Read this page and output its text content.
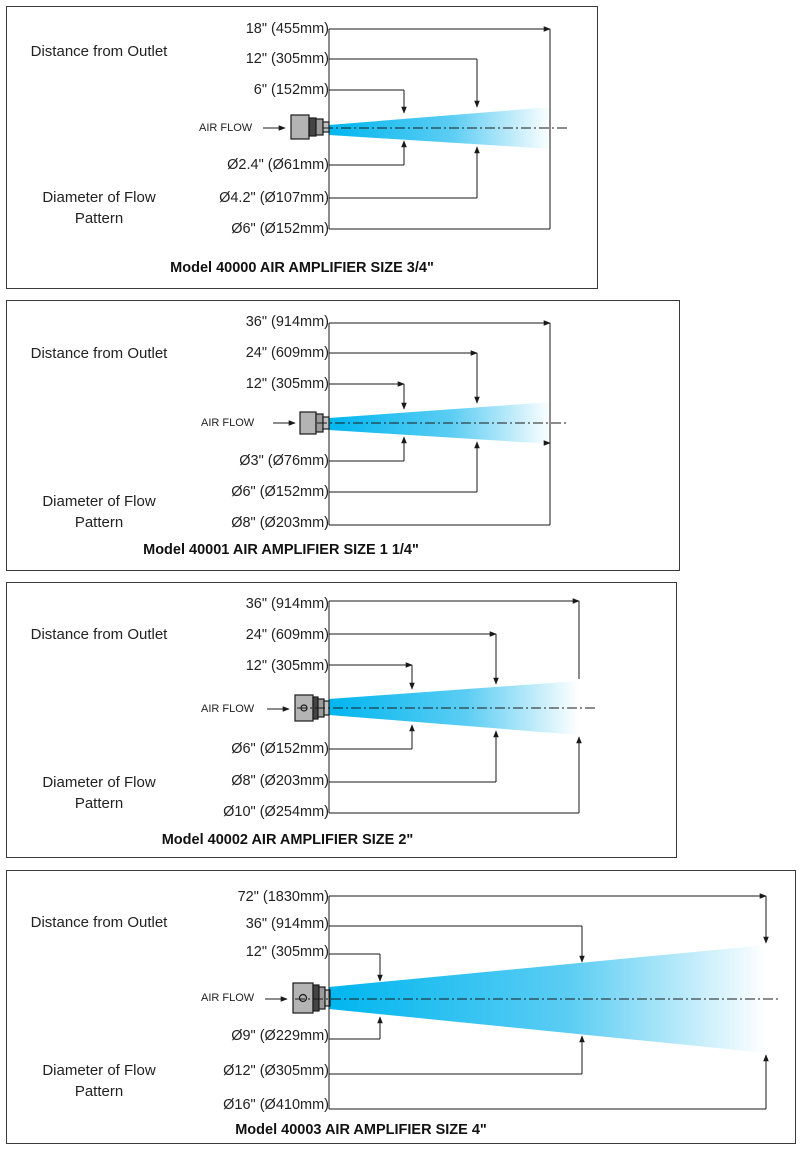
Distance from Outlet
Diameter of Flow Pattern
18" (455mm)
12" (305mm)
6" (152mm)
Ø2.4" (Ø61mm)
Ø4.2" (Ø107mm)
Ø6" (Ø152mm)
AIR FLOW
Model 40000 AIR AMPLIFIER SIZE 3/4"
Distance from Outlet
Diameter of Flow Pattern
36" (914mm)
24" (609mm)
12" (305mm)
Ø3" (Ø76mm)
Ø6" (Ø152mm)
Ø8" (Ø203mm)
AIR FLOW
Model 40001 AIR AMPLIFIER SIZE 1 1/4"
Distance from Outlet
Diameter of Flow Pattern
36" (914mm)
24" (609mm)
12" (305mm)
Ø6" (Ø152mm)
Ø8" (Ø203mm)
Ø10" (Ø254mm)
AIR FLOW
Model 40002 AIR AMPLIFIER SIZE 2"
Distance from Outlet
Diameter of Flow Pattern
72" (1830mm)
36" (914mm)
12" (305mm)
Ø9" (Ø229mm)
Ø12" (Ø305mm)
Ø16" (Ø410mm)
AIR FLOW
Model 40003 AIR AMPLIFIER SIZE 4"
